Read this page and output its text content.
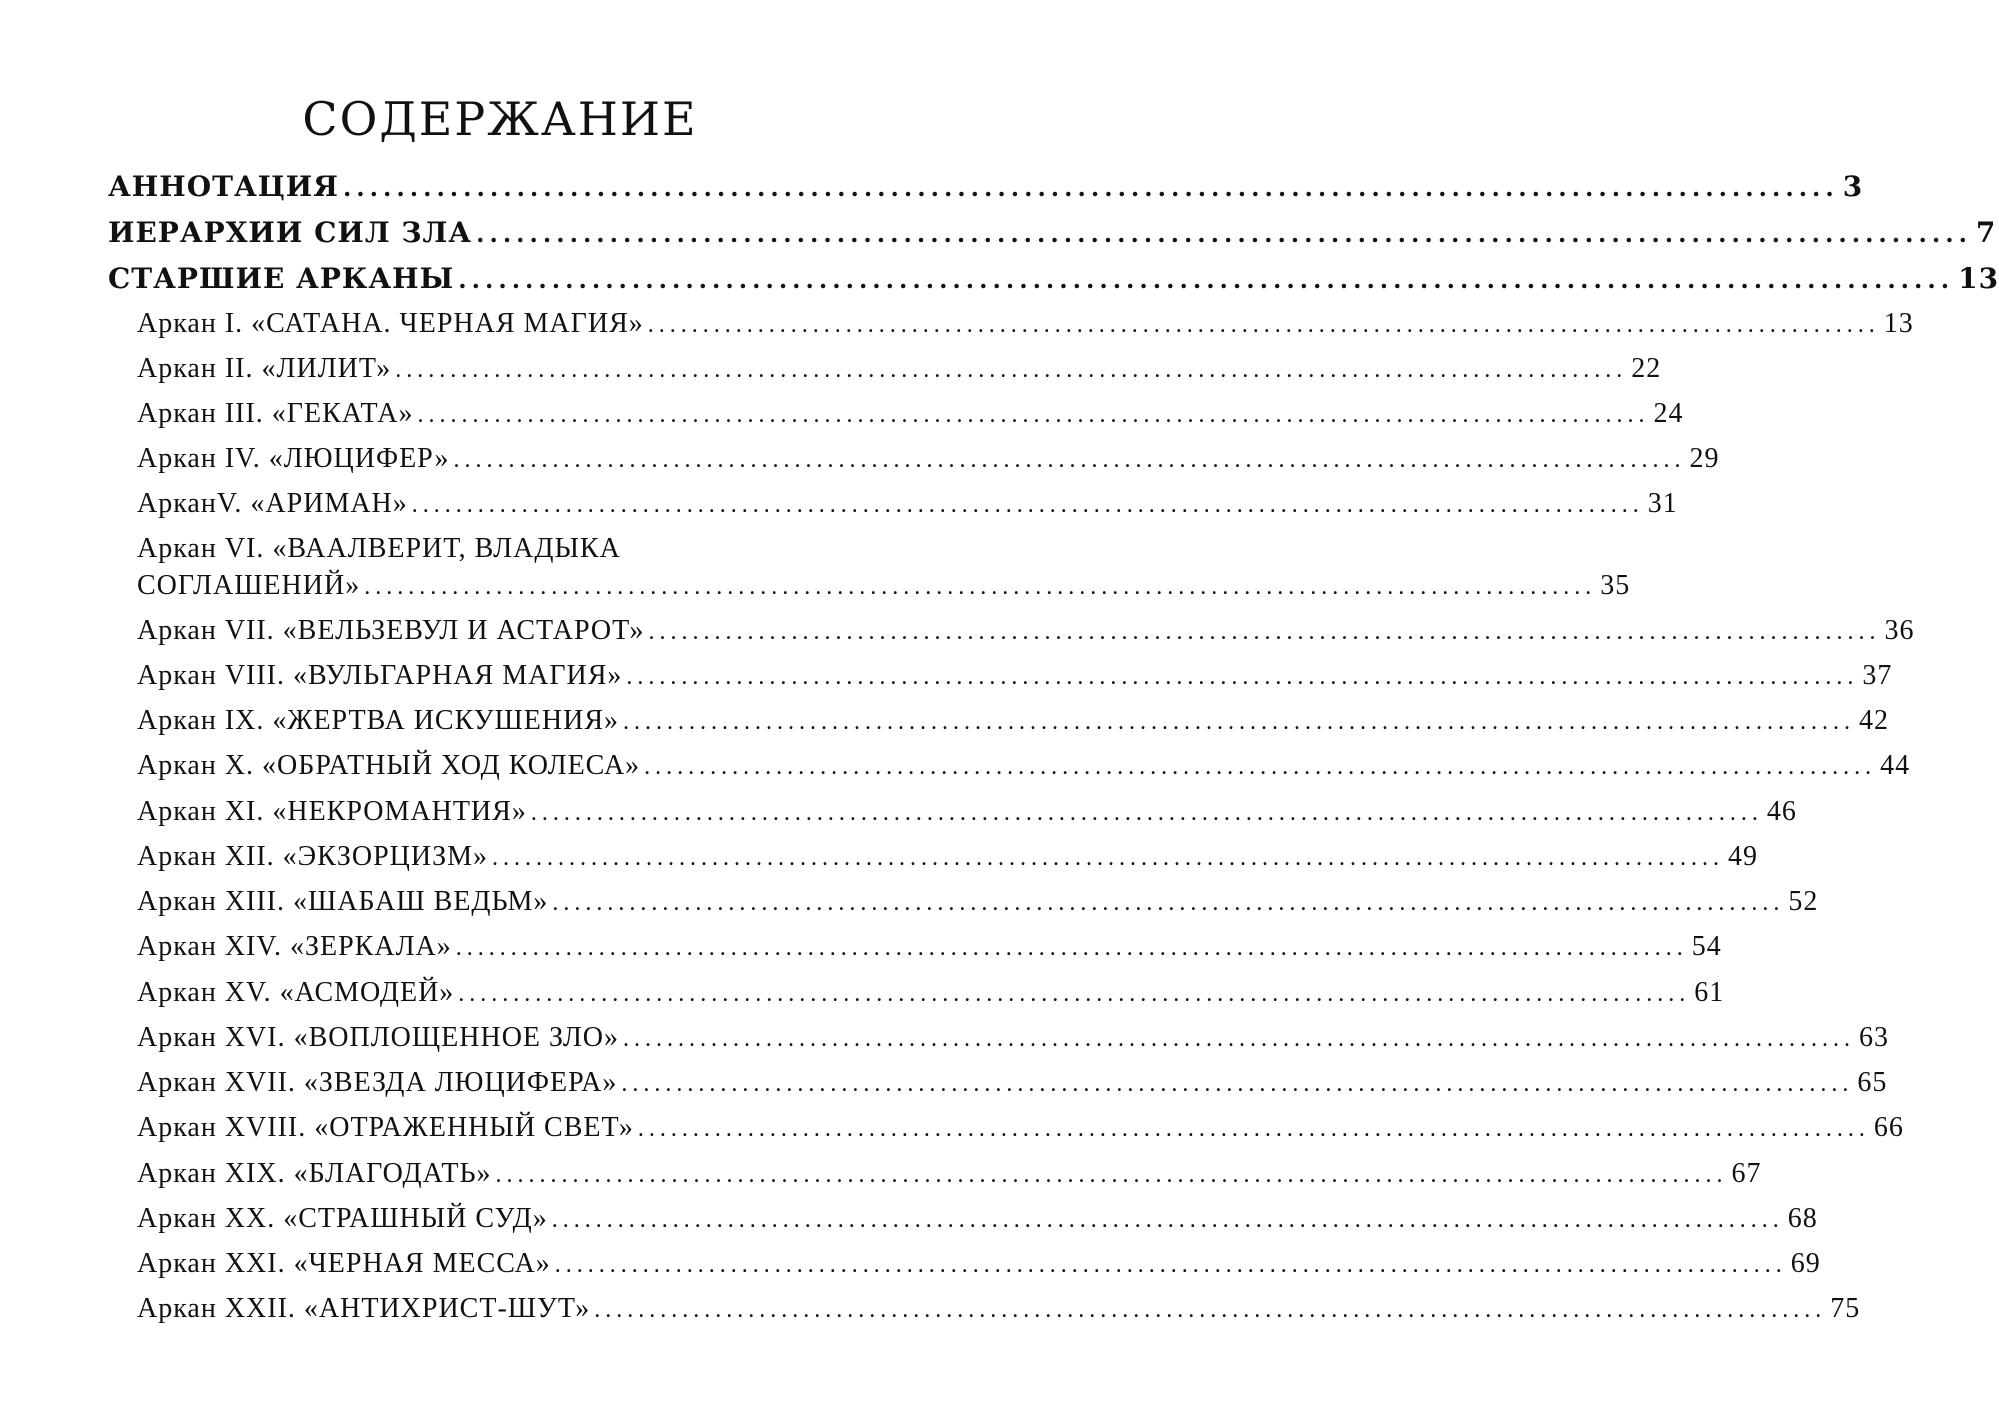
СОДЕРЖАНИЕ
АННОТАЦИЯ ................................................................................................................ 3
ИЕРАРХИИ СИЛ ЗЛА ................................................................................................................ 7
СТАРШИЕ АРКАНЫ ................................................................................................................ 13
Аркан I. «САТАНА. ЧЕРНАЯ МАГИЯ» ................................................................................................................ 13
Аркан II. «ЛИЛИТ» ................................................................................................................ 22
Аркан III. «ГЕКАТА» ................................................................................................................ 24
Аркан IV. «ЛЮЦИФЕР» ................................................................................................................ 29
АрканV. «АРИМАН» ................................................................................................................ 31
Аркан VI. «ВААЛВЕРИТ, ВЛАДЫКА
СОГЛАШЕНИЙ» ................................................................................................................ 35
Аркан VII. «ВЕЛЬЗЕВУЛ И АСТАРОТ» ................................................................................................................ 36
Аркан VIII. «ВУЛЬГАРНАЯ МАГИЯ» ................................................................................................................ 37
Аркан IX. «ЖЕРТВА ИСКУШЕНИЯ» ................................................................................................................ 42
Аркан X. «ОБРАТНЫЙ ХОД КОЛЕСА» ................................................................................................................ 44
Аркан XI. «НЕКРОМАНТИЯ» ................................................................................................................ 46
Аркан XII. «ЭКЗОРЦИЗМ» ................................................................................................................ 49
Аркан XIII. «ШАБАШ ВЕДЬМ» ................................................................................................................ 52
Аркан XIV. «ЗЕРКАЛА» ................................................................................................................ 54
Аркан XV. «АСМОДЕЙ» ................................................................................................................ 61
Аркан XVI. «ВОПЛОЩЕННОЕ ЗЛО» ................................................................................................................ 63
Аркан XVII. «ЗВЕЗДА ЛЮЦИФЕРА» ................................................................................................................ 65
Аркан XVIII. «ОТРАЖЕННЫЙ СВЕТ» ................................................................................................................ 66
Аркан XIX. «БЛАГОДАТЬ» ................................................................................................................ 67
Аркан XX. «СТРАШНЫЙ СУД» ................................................................................................................ 68
Аркан XXI. «ЧЕРНАЯ МЕССА» ................................................................................................................ 69
Аркан XXII. «АНТИХРИСТ-ШУТ» ................................................................................................................ 75
